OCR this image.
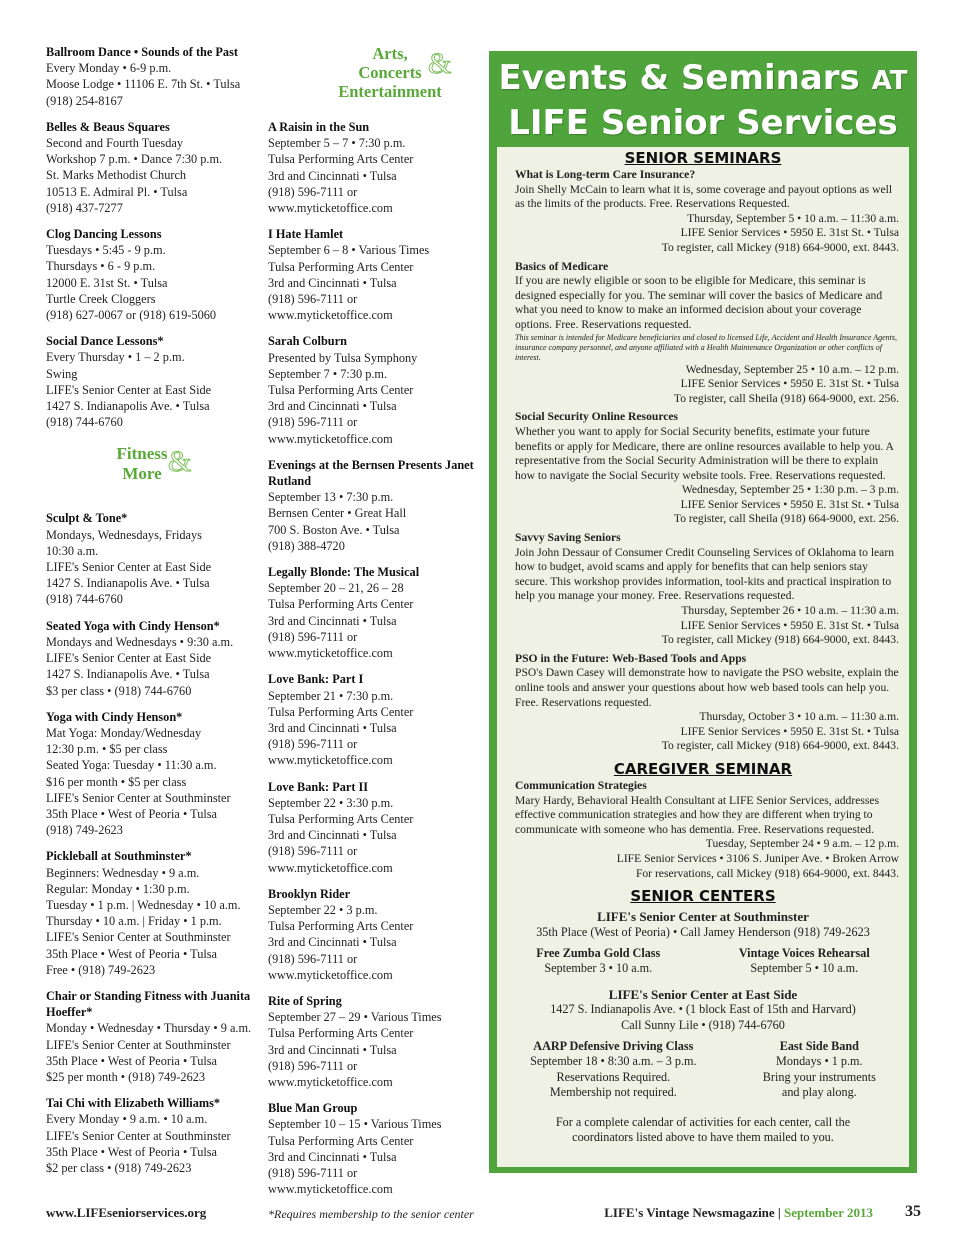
Ballroom Dance • Sounds of the Past
Every Monday • 6-9 p.m.
Moose Lodge • 11106 E. 7th St. • Tulsa
(918) 254-8167
Belles & Beaus Squares
Second and Fourth Tuesday
Workshop 7 p.m. • Dance 7:30 p.m.
St. Marks Methodist Church
10513 E. Admiral Pl. • Tulsa
(918) 437-7277
Clog Dancing Lessons
Tuesdays • 5:45 - 9 p.m.
Thursdays • 6 - 9 p.m.
12000 E. 31st St. • Tulsa
Turtle Creek Cloggers
(918) 627-0067 or (918) 619-5060
Social Dance Lessons*
Every Thursday • 1 – 2 p.m.
Swing
LIFE's Senior Center at East Side
1427 S. Indianapolis Ave. • Tulsa
(918) 744-6760
Fitness
More &
Sculpt & Tone*
Mondays, Wednesdays, Fridays
10:30 a.m.
LIFE's Senior Center at East Side
1427 S. Indianapolis Ave. • Tulsa
(918) 744-6760
Seated Yoga with Cindy Henson*
Mondays and Wednesdays • 9:30 a.m.
LIFE's Senior Center at East Side
1427 S. Indianapolis Ave. • Tulsa
$3 per class • (918) 744-6760
Yoga with Cindy Henson*
Mat Yoga: Monday/Wednesday
12:30 p.m. • $5 per class
Seated Yoga: Tuesday • 11:30 a.m.
$16 per month • $5 per class
LIFE's Senior Center at Southminster
35th Place • West of Peoria • Tulsa
(918) 749-2623
Pickleball at Southminster*
Beginners: Wednesday • 9 a.m.
Regular: Monday • 1:30 p.m.
Tuesday • 1 p.m. | Wednesday • 10 a.m.
Thursday • 10 a.m. | Friday • 1 p.m.
LIFE's Senior Center at Southminster
35th Place • West of Peoria • Tulsa
Free • (918) 749-2623
Chair or Standing Fitness with Juanita Hoeffer*
Monday • Wednesday • Thursday • 9 a.m.
LIFE's Senior Center at Southminster
35th Place • West of Peoria • Tulsa
$25 per month • (918) 749-2623
Tai Chi with Elizabeth Williams*
Every Monday • 9 a.m. • 10 a.m.
LIFE's Senior Center at Southminster
35th Place • West of Peoria • Tulsa
$2 per class • (918) 749-2623
Arts,
Concerts
Entertainment
&
A Raisin in the Sun
September 5 – 7 • 7:30 p.m.
Tulsa Performing Arts Center
3rd and Cincinnati • Tulsa
(918) 596-7111 or
www.myticketoffice.com
I Hate Hamlet
September 6 – 8 • Various Times
Tulsa Performing Arts Center
3rd and Cincinnati • Tulsa
(918) 596-7111 or
www.myticketoffice.com
Sarah Colburn
Presented by Tulsa Symphony
September 7 • 7:30 p.m.
Tulsa Performing Arts Center
3rd and Cincinnati • Tulsa
(918) 596-7111 or
www.myticketoffice.com
Evenings at the Bernsen Presents Janet Rutland
September 13 • 7:30 p.m.
Bernsen Center • Great Hall
700 S. Boston Ave. • Tulsa
(918) 388-4720
Legally Blonde: The Musical
September 20 – 21, 26 – 28
Tulsa Performing Arts Center
3rd and Cincinnati • Tulsa
(918) 596-7111 or
www.myticketoffice.com
Love Bank: Part I
September 21 • 7:30 p.m.
Tulsa Performing Arts Center
3rd and Cincinnati • Tulsa
(918) 596-7111 or
www.myticketoffice.com
Love Bank: Part II
September 22 • 3:30 p.m.
Tulsa Performing Arts Center
3rd and Cincinnati • Tulsa
(918) 596-7111 or
www.myticketoffice.com
Brooklyn Rider
September 22 • 3 p.m.
Tulsa Performing Arts Center
3rd and Cincinnati • Tulsa
(918) 596-7111 or
www.myticketoffice.com
Rite of Spring
September 27 – 29 • Various Times
Tulsa Performing Arts Center
3rd and Cincinnati • Tulsa
(918) 596-7111 or
www.myticketoffice.com
Blue Man Group
September 10 – 15 • Various Times
Tulsa Performing Arts Center
3rd and Cincinnati • Tulsa
(918) 596-7111 or
www.myticketoffice.com
*Requires membership to the senior center
Events & Seminars AT
LIFE Senior Services
SENIOR SEMINARS
What is Long-term Care Insurance?
Join Shelly McCain to learn what it is, some coverage and payout options as well as the limits of the products. Free. Reservations Requested.
Thursday, September 5 • 10 a.m. – 11:30 a.m.
LIFE Senior Services • 5950 E. 31st St. • Tulsa
To register, call Mickey (918) 664-9000, ext. 8443.
Basics of Medicare
If you are newly eligible or soon to be eligible for Medicare, this seminar is designed especially for you. The seminar will cover the basics of Medicare and what you need to know to make an informed decision about your coverage options. Free. Reservations requested.
This seminar is intended for Medicare beneficiaries and closed to licensed Life, Accident and Health Insurance Agents, insurance company personnel, and anyone affiliated with a Health Maintenance Organization or other conflicts of interest.
Wednesday, September 25 • 10 a.m. – 12 p.m.
LIFE Senior Services • 5950 E. 31st St. • Tulsa
To register, call Sheila (918) 664-9000, ext. 256.
Social Security Online Resources
Whether you want to apply for Social Security benefits, estimate your future benefits or apply for Medicare, there are online resources available to help you. A representative from the Social Security Administration will be there to explain how to navigate the Social Security website tools. Free. Reservations requested.
Wednesday, September 25 • 1:30 p.m. – 3 p.m.
LIFE Senior Services • 5950 E. 31st St. • Tulsa
To register, call Sheila (918) 664-9000, ext. 256.
Savvy Saving Seniors
Join John Dessaur of Consumer Credit Counseling Services of Oklahoma to learn how to budget, avoid scams and apply for benefits that can help seniors stay secure. This workshop provides information, tool-kits and practical inspiration to help you manage your money. Free. Reservations requested.
Thursday, September 26 • 10 a.m. – 11:30 a.m.
LIFE Senior Services • 5950 E. 31st St. • Tulsa
To register, call Mickey (918) 664-9000, ext. 8443.
PSO in the Future: Web-Based Tools and Apps
PSO's Dawn Casey will demonstrate how to navigate the PSO website, explain the online tools and answer your questions about how web based tools can help you. Free. Reservations requested.
Thursday, October 3 • 10 a.m. – 11:30 a.m.
LIFE Senior Services • 5950 E. 31st St. • Tulsa
To register, call Mickey (918) 664-9000, ext. 8443.
CAREGIVER SEMINAR
Communication Strategies
Mary Hardy, Behavioral Health Consultant at LIFE Senior Services, addresses effective communication strategies and how they are different when trying to communicate with someone who has dementia. Free. Reservations requested.
Tuesday, September 24 • 9 a.m. – 12 p.m.
LIFE Senior Services • 3106 S. Juniper Ave. • Broken Arrow
For reservations, call Mickey (918) 664-9000, ext. 8443.
SENIOR CENTERS
LIFE's Senior Center at Southminster
35th Place (West of Peoria) • Call Jamey Henderson (918) 749-2623
Free Zumba Gold Class
September 3 • 10 a.m.
Vintage Voices Rehearsal
September 5 • 10 a.m.
LIFE's Senior Center at East Side
1427 S. Indianapolis Ave. • (1 block East of 15th and Harvard)
Call Sunny Lile • (918) 744-6760
AARP Defensive Driving Class
September 18 • 8:30 a.m. – 3 p.m.
Reservations Required.
Membership not required.
East Side Band
Mondays • 1 p.m.
Bring your instruments
and play along.
For a complete calendar of activities for each center, call the coordinators listed above to have them mailed to you.
www.LIFEseniorservices.org	LIFE's Vintage Newsmagazine | September 2013 35
